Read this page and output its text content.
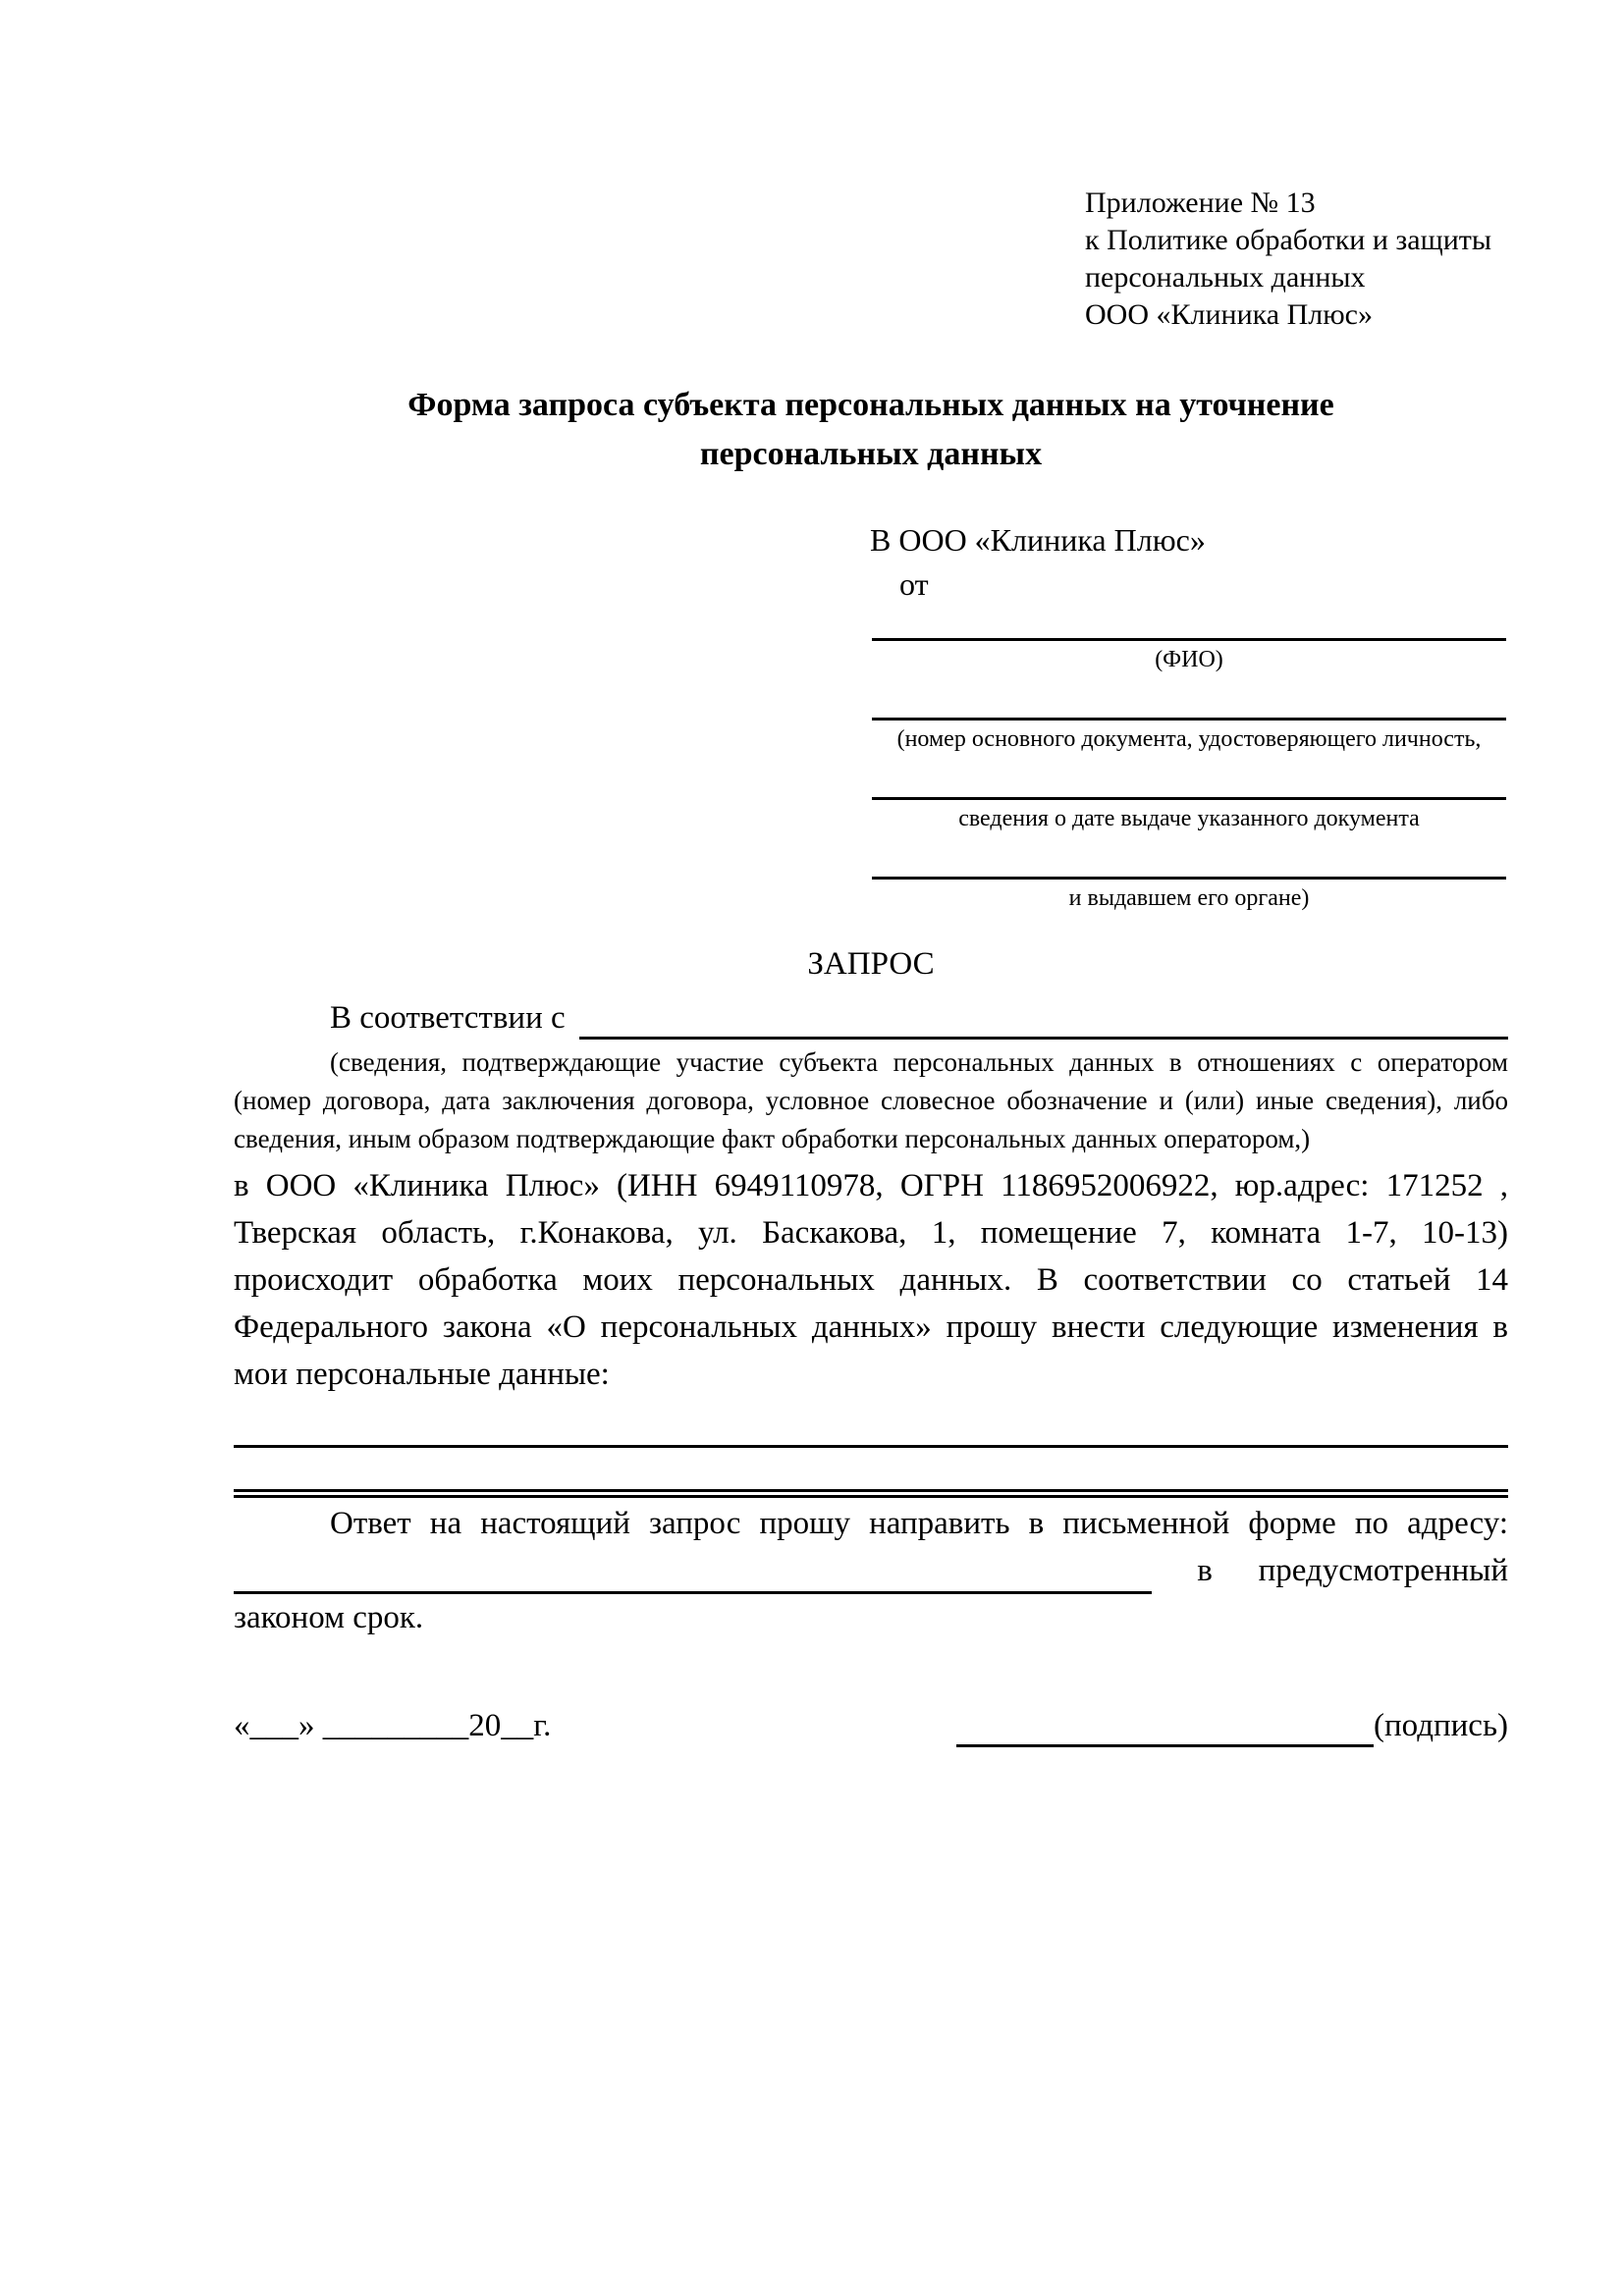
Приложение № 13
к Политике обработки и защиты
персональных данных
ООО «Клиника Плюс»
Форма запроса субъекта персональных данных на уточнение персональных данных
В ООО «Клиника Плюс»
от
(ФИО)
(номер основного документа, удостоверяющего личность,
сведения о дате выдаче указанного документа
и выдавшем его органе)
ЗАПРОС
В соответствии с
(сведения, подтверждающие участие субъекта персональных данных в отношениях с оператором (номер договора, дата заключения договора, условное словесное обозначение и (или) иные сведения), либо сведения, иным образом подтверждающие факт обработки персональных данных оператором,)
в ООО «Клиника Плюс» (ИНН 6949110978, ОГРН 1186952006922, юр.адрес: 171252 , Тверская область, г.Конакова, ул. Баскакова, 1, помещение 7, комната 1-7, 10-13) происходит обработка моих персональных данных. В соответствии со статьей 14 Федерального закона «О персональных данных» прошу внести следующие изменения в мои персональные данные:
Ответ на настоящий запрос прошу направить в письменной форме по адресу:
в предусмотренный
законом срок.
«___» _________20__г.	(подпись)
